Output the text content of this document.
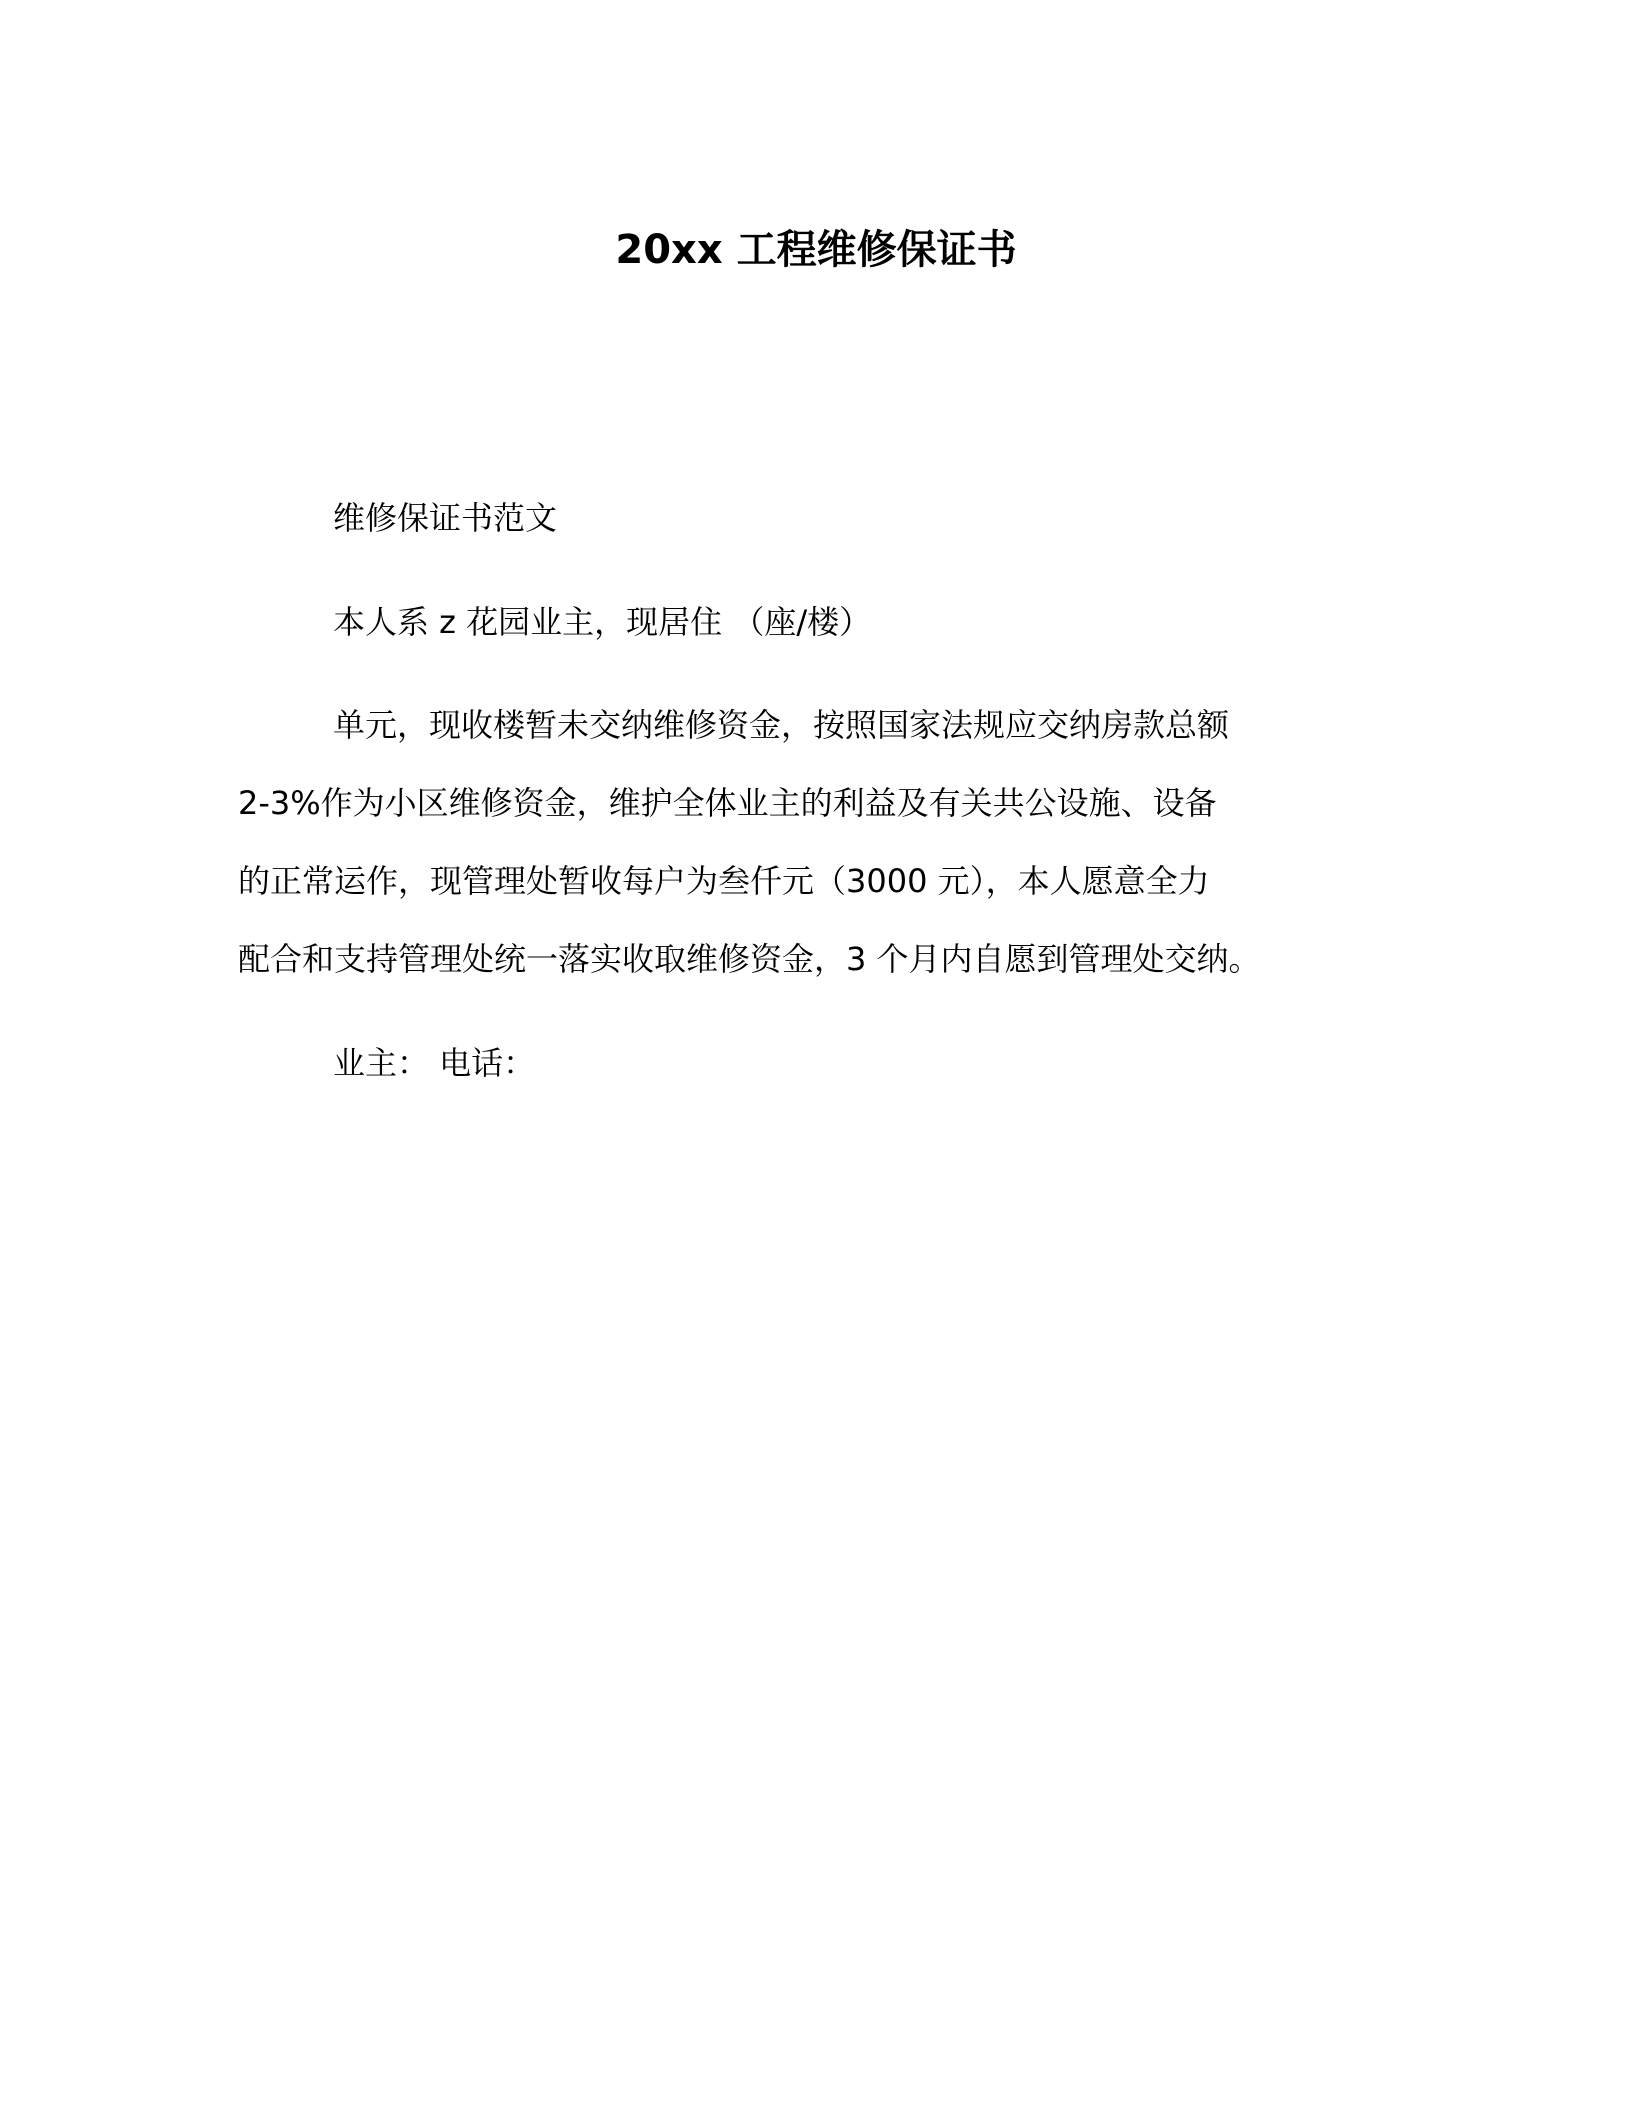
20xx 工程维修保证书
维修保证书范文
本人系 z 花园业主，现居住 （座/楼）
单元，现收楼暂未交纳维修资金，按照国家法规应交纳房款总额
2-3%作为小区维修资金，维护全体业主的利益及有关共公设施、设备
的正常运作，现管理处暂收每户为叁仟元（3000 元），本人愿意全力
配合和支持管理处统一落实收取维修资金，3 个月内自愿到管理处交纳。
业主： 电话：
